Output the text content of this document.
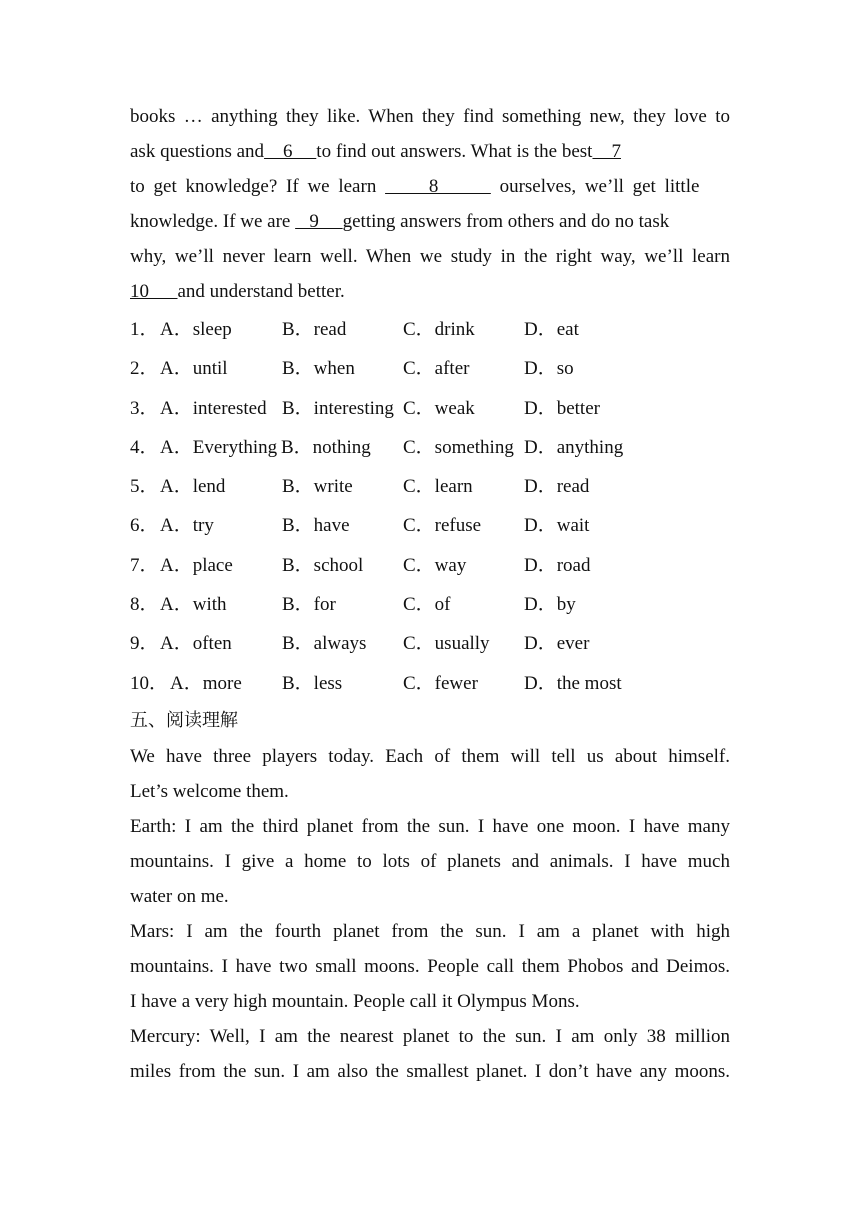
books … anything they like. When they find something new, they love to
ask questions and    6     to find out answers. What is the best    7
to get knowledge? If we learn      8       ourselves, we’ll get little
knowledge. If we are    9     getting answers from others and do no task
why, we’ll never learn well. When we study in the right way, we’ll learn
10      and understand better.
1． A．sleep	B．read	C．drink	D．eat
2． A．until	B．when	C．after	D．so
3． A．interested B．interesting C．weak	D．better
4． A．Everything B．nothing C．something D．anything
5． A．lend	B．write	C．learn	D．read
6． A．try	B．have	C．refuse D．wait
7． A．place	B．school C．way	D．road
8． A．with	B．for	C．of	D．by
9． A．often	B．always C．usually D．ever
10． A．more B．less	C．fewer D．the most
五、阅读理解
We have three players today. Each of them will tell us about himself.
Let’s welcome them.
Earth: I am the third planet from the sun. I have one moon. I have many
mountains. I give a home to lots of planets and animals. I have much
water on me.
Mars: I am the fourth planet from the sun. I am a planet with high
mountains. I have two small moons. People call them Phobos and Deimos.
I have a very high mountain. People call it Olympus Mons.
Mercury: Well, I am the nearest planet to the sun. I am only 38 million
miles from the sun. I am also the smallest planet. I don’t have any moons.
